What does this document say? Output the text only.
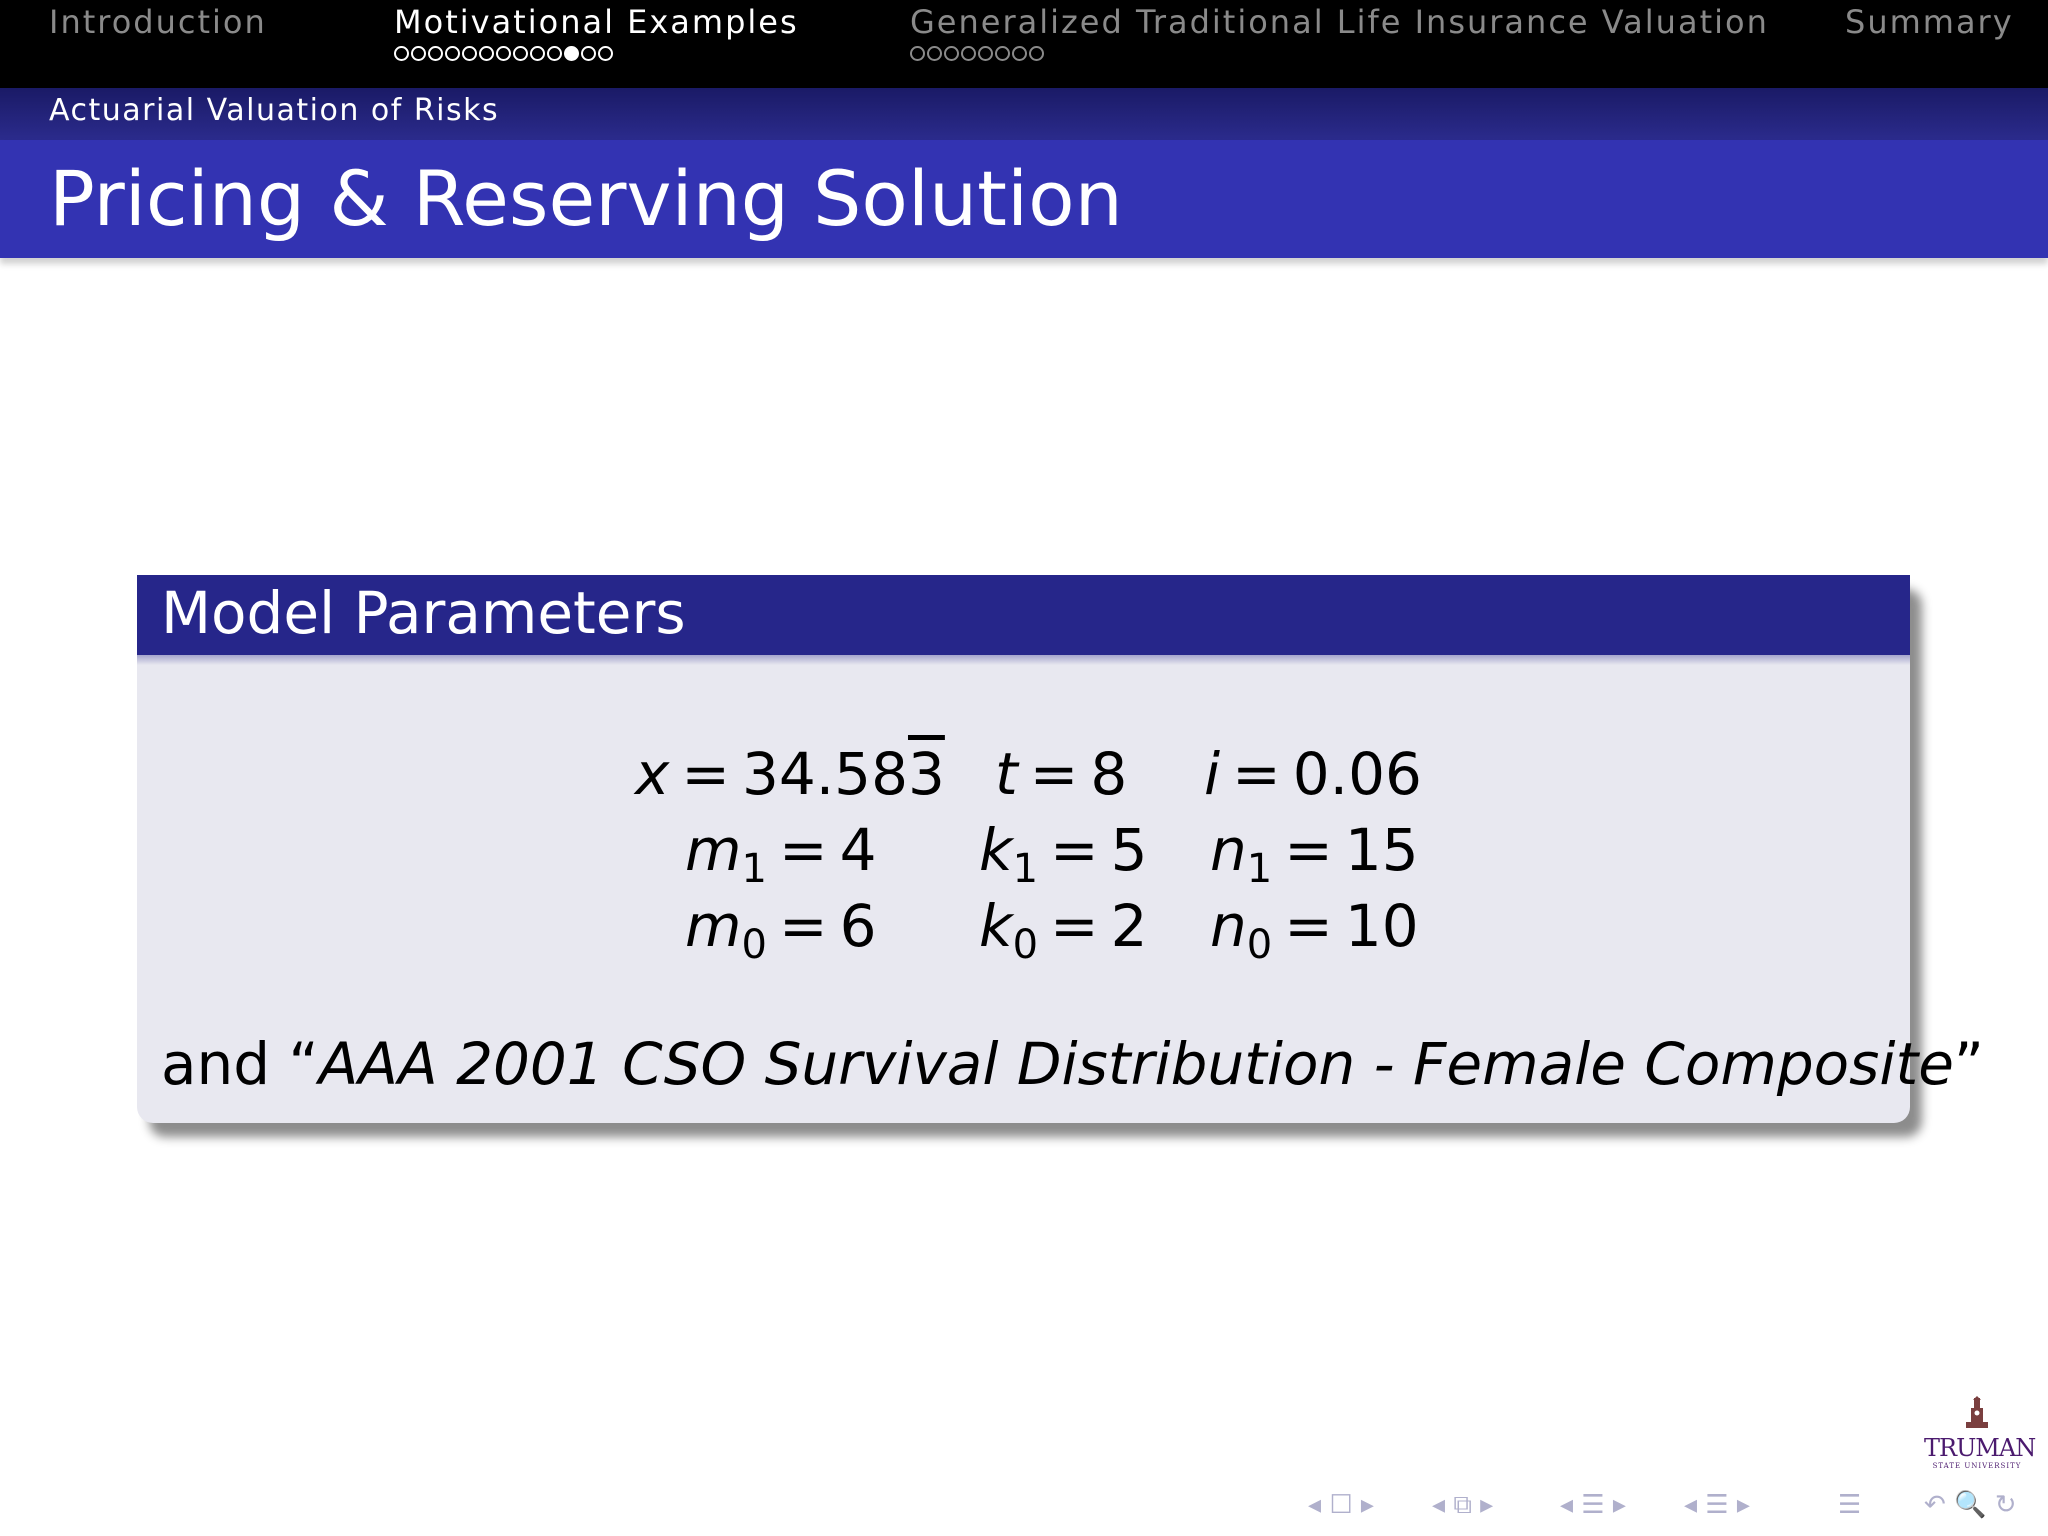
Introduction	Motivational Examples	Generalized Traditional Life Insurance Valuation Summary
Actuarial Valuation of Risks
Pricing & Reserving Solution
Model Parameters
x = 34.583 t = 8 i = 0.06
$m_1 = 4$ $k_1 = 5$ $n_1 = 15$
$m_0 = 6$ $k_0 = 2$ $n_0 = 10$
and “AAA 2001 CSO Survival Distribution - Female Composite”
TRUMAN
STATE UNIVERSITY
◂ ☐ ▸ ◂ ⧉ ▸	◂ ☰ ▸ ◂ ☰ ▸	☰ ↶ 🔍 ↻
